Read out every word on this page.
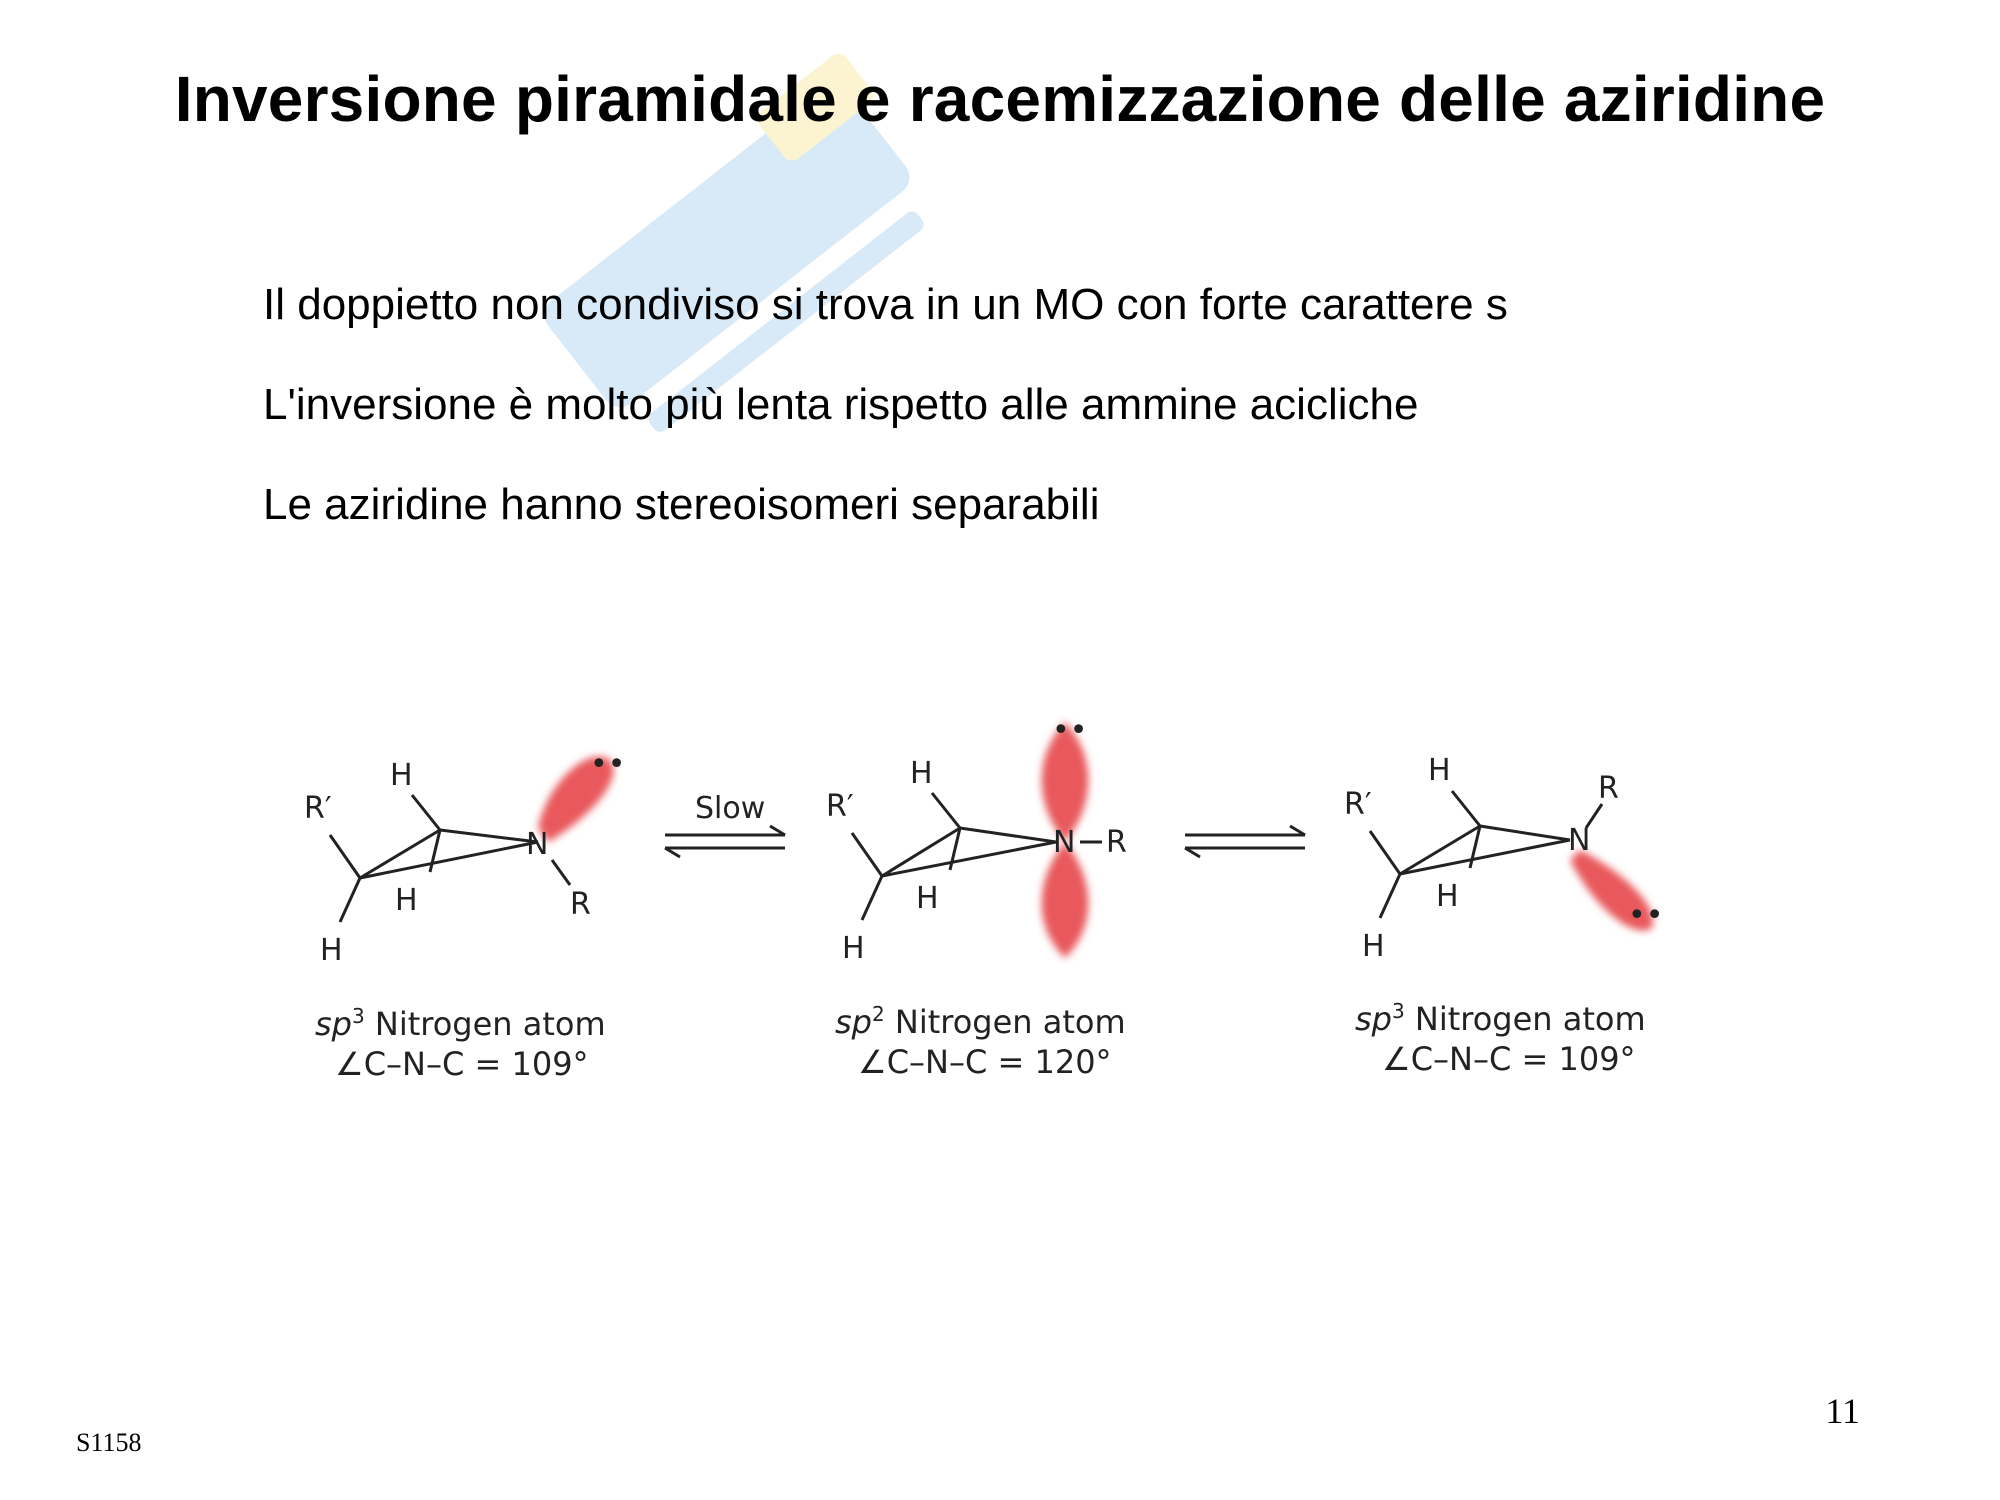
Inversione piramidale e racemizzazione delle aziridine
Il doppietto non condiviso si trova in un MO con forte carattere s
L'inversione è molto più lenta rispetto alle ammine acicliche
Le aziridine hanno stereoisomeri separabili
••
H
R′
N
H	R
H
$sp^3$ Nitrogen atom
∠C–N–C = 109°
Slow
••
H
R′
N R
H
H
$sp^2$ Nitrogen atom
∠C–N–C = 120°
••
H
R′
N
R
H
H
$sp^3$ Nitrogen atom
∠C–N–C = 109°
11
S1158
